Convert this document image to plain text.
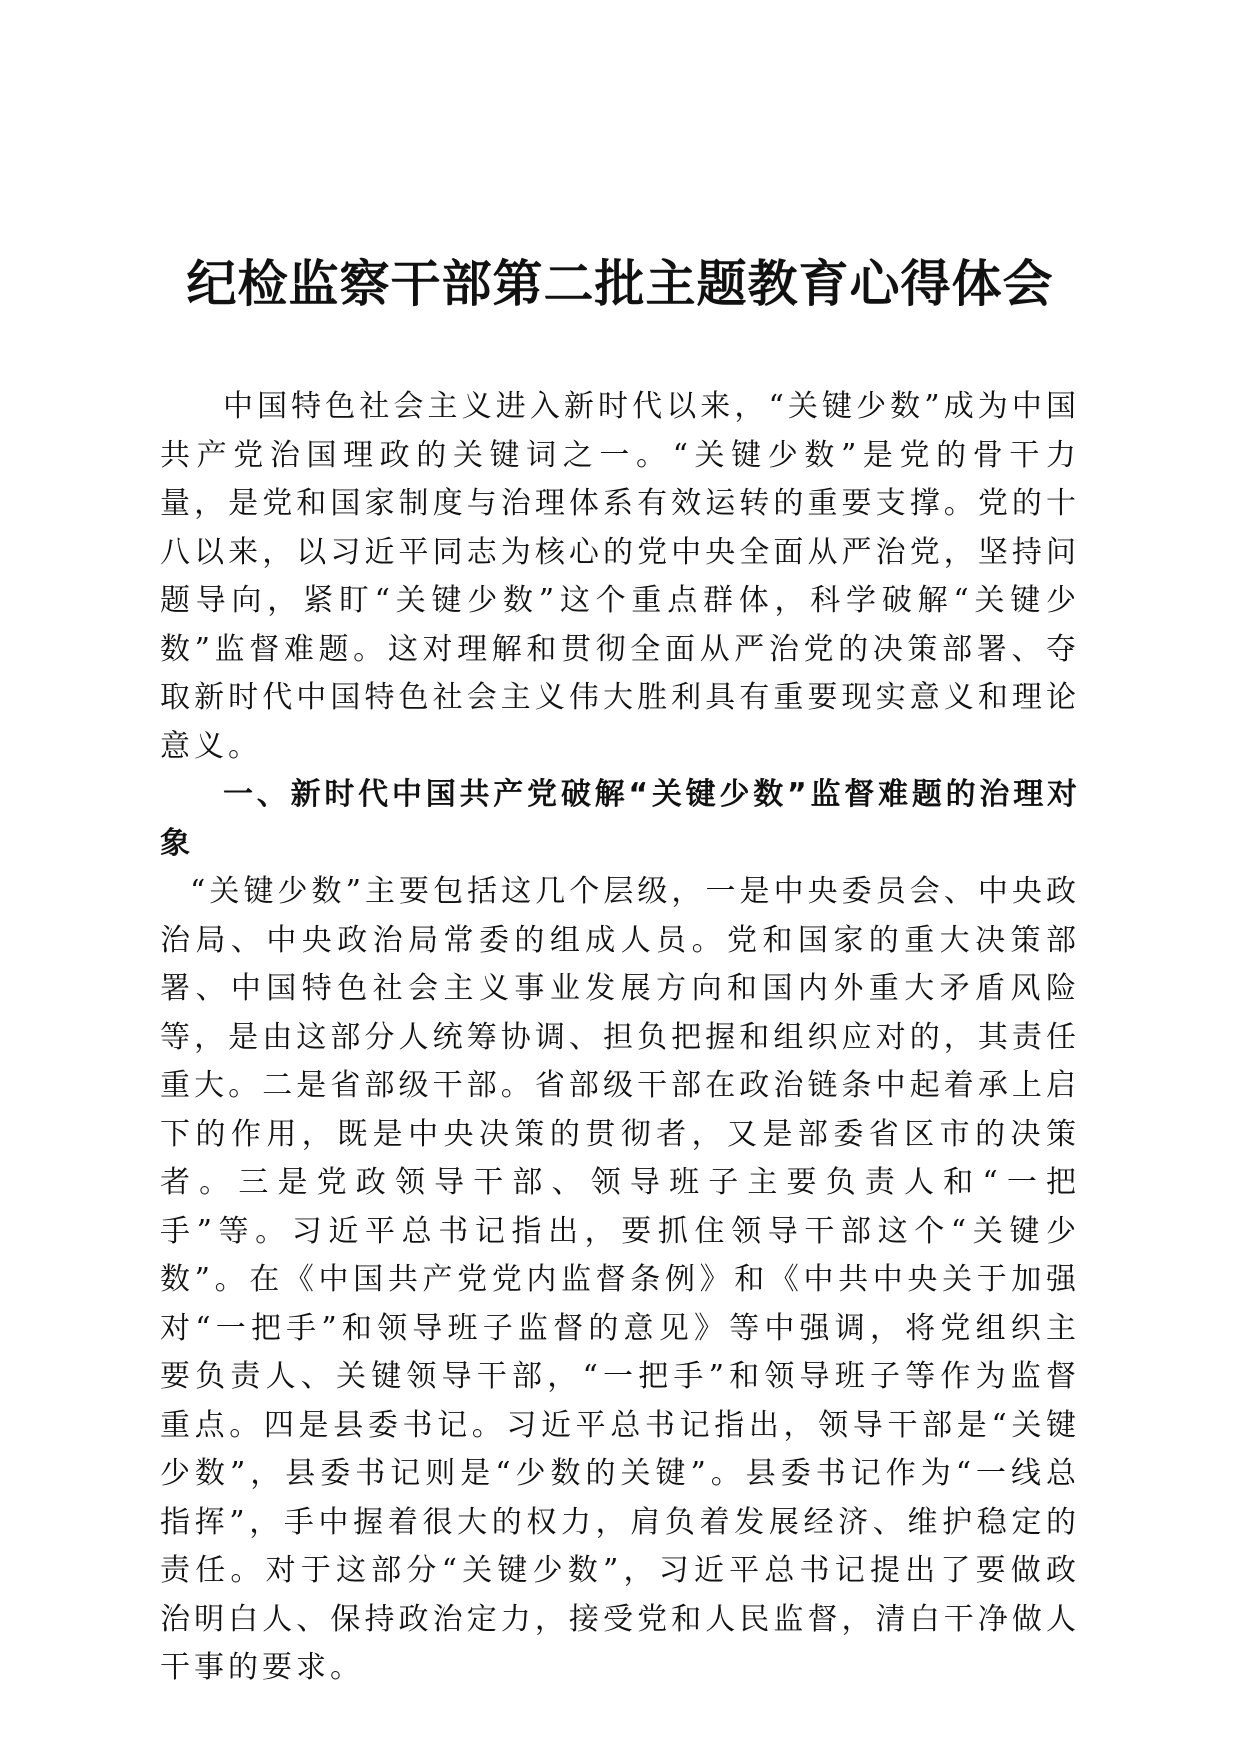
纪检监察干部第二批主题教育心得体会

中国特色社会主义进入新时代以来，“关键少数”成为中国共产党治国理政的关键词之一。“关键少数”是党的骨干力量，是党和国家制度与治理体系有效运转的重要支撑。党的十八以来，以习近平同志为核心的党中央全面从严治党，坚持问题导向，紧盯“关键少数”这个重点群体，科学破解“关键少数”监督难题。这对理解和贯彻全面从严治党的决策部署、夺取新时代中国特色社会主义伟大胜利具有重要现实意义和理论意义。

一、新时代中国共产党破解“关键少数”监督难题的治理对象

“关键少数”主要包括这几个层级，一是中央委员会、中央政治局、中央政治局常委的组成人员。党和国家的重大决策部署、中国特色社会主义事业发展方向和国内外重大矛盾风险等，是由这部分人统筹协调、担负把握和组织应对的，其责任重大。二是省部级干部。省部级干部在政治链条中起着承上启下的作用，既是中央决策的贯彻者，又是部委省区市的决策者。三是党政领导干部、领导班子主要负责人和“一把手”等。习近平总书记指出，要抓住领导干部这个“关键少数”。在《中国共产党党内监督条例》和《中共中央关于加强对“一把手”和领导班子监督的意见》等中强调，将党组织主要负责人、关键领导干部，“一把手”和领导班子等作为监督重点。四是县委书记。习近平总书记指出，领导干部是“关键少数”，县委书记则是“少数的关键”。县委书记作为“一线总指挥”，手中握着很大的权力，肩负着发展经济、维护稳定的责任。对于这部分“关键少数”，习近平总书记提出了要做政治明白人、保持政治定力，接受党和人民监督，清白干净做人干事的要求。
